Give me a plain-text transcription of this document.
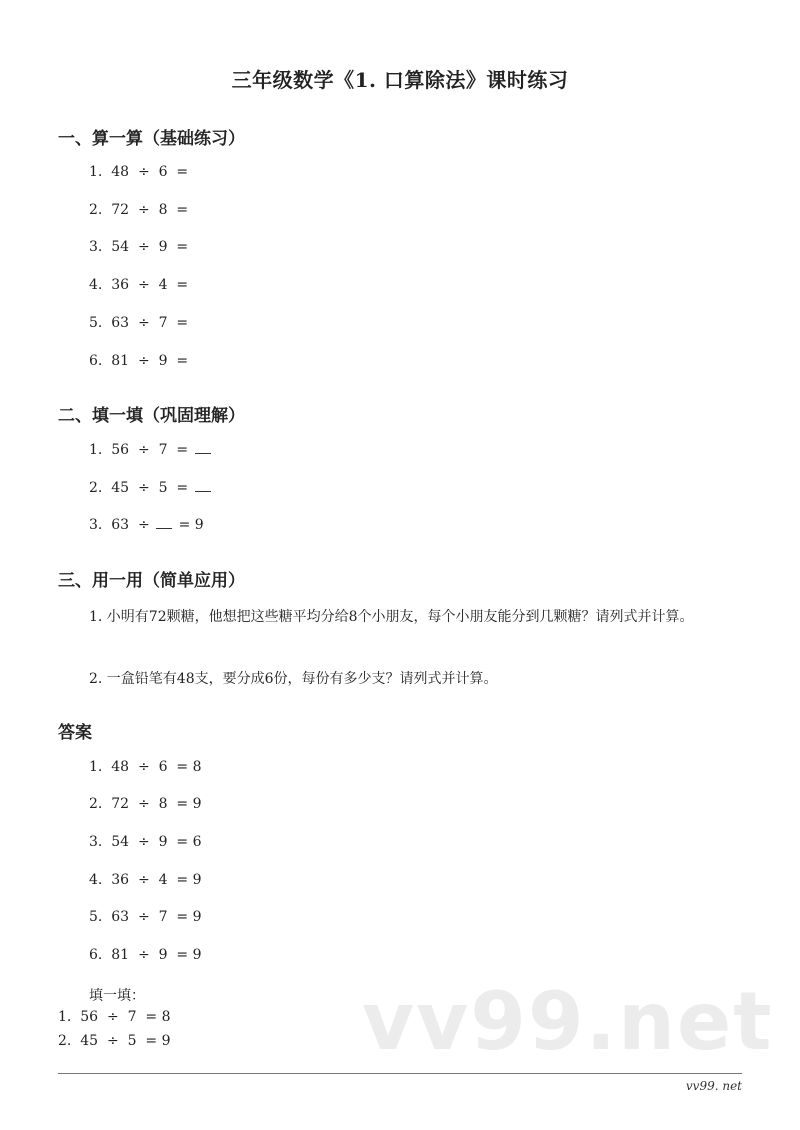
vv99.net
三年级数学《1. 口算除法》课时练习
一、算一算（基础练习）
1.  48  ÷  6  =
2.  72  ÷  8  =
3.  54  ÷  9  =
4.  36  ÷  4  =
5.  63  ÷  7  =
6.  81  ÷  9  =
二、填一填（巩固理解）
1.  56  ÷  7  =
2.  45  ÷  5  =
3.  63  ÷  = 9
三、用一用（简单应用）
1. 小明有72颗糖，他想把这些糖平均分给8个小朋友，每个小朋友能分到几颗糖？请列式并计算。
2. 一盒铅笔有48支，要分成6份，每份有多少支？请列式并计算。
答案
1.  48  ÷  6  = 8
2.  72  ÷  8  = 9
3.  54  ÷  9  = 6
4.  36  ÷  4  = 9
5.  63  ÷  7  = 9
6.  81  ÷  9  = 9
填一填：
1.  56  ÷  7  = 8
2.  45  ÷  5  = 9
vv99. net
